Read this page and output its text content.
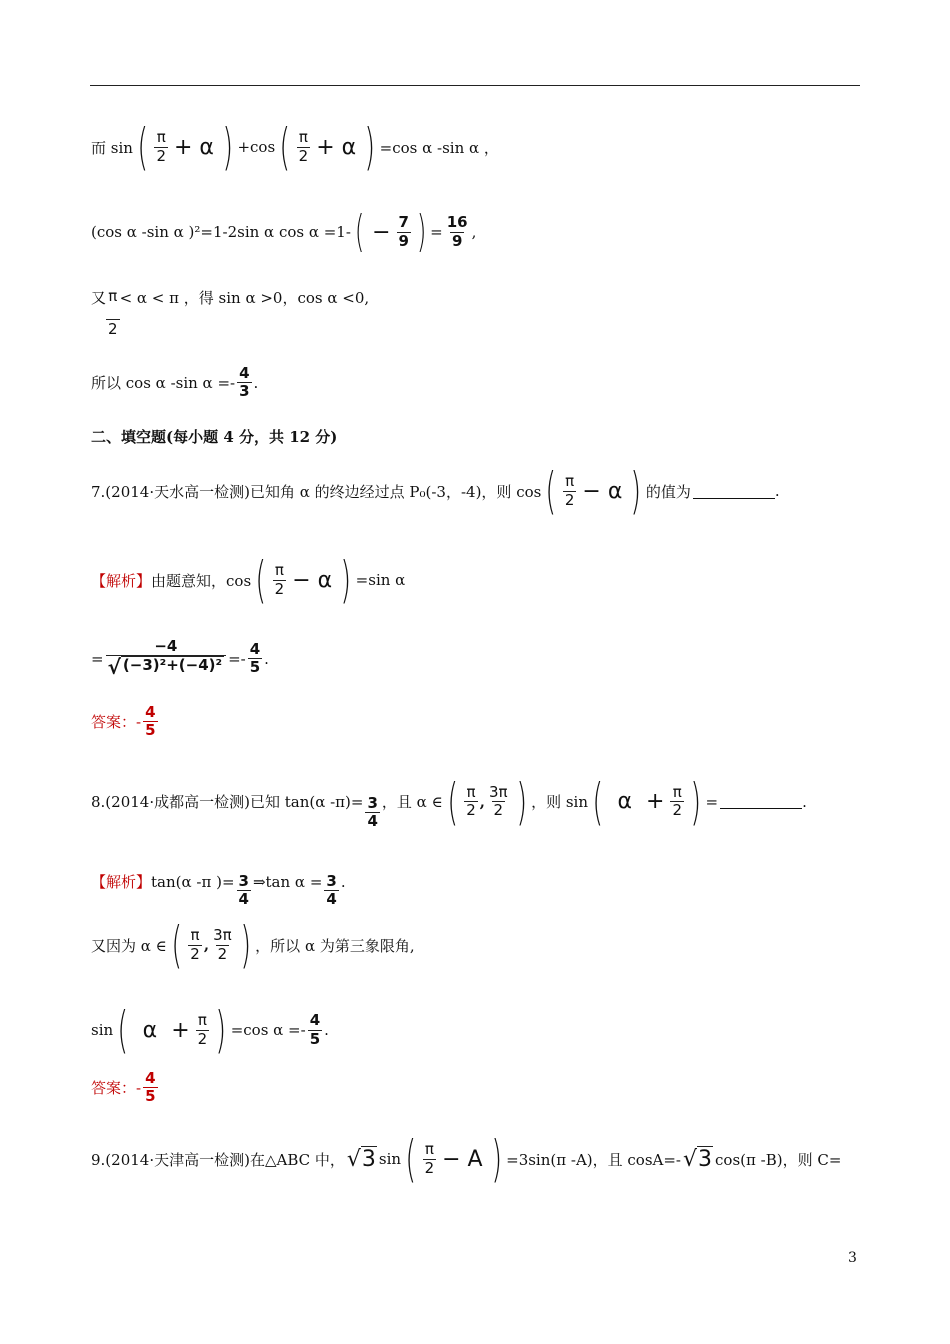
而 sin ( $\frac{\pi}{2} + \alpha$ ) +cos ( $\frac{\pi}{2} + \alpha$ ) =cos α -sin α ，
(cos α -sin α )²=1-2sin α cos α =1- ( − $\frac{7}{9}$ ) = $\frac{16}{9}$ ,
又 π
2
< α < π ，得 sin α >0，cos α <0,
所以 cos α -sin $\alpha =- \frac{4}{3}$ .
二、填空题(每小题 4 分，共 12 分)
7.(2014·天水高一检测)已知角 α 的终边经过点 P₀(-3，-4)，则 cos ( $\frac{\pi}{2} - \alpha$ ) 的值为	.
【解析】 由题意知，cos ( $\frac{\pi}{2} - \alpha$ ) =sin α
= $\frac{-4}{\text{√ (−3)²+(−4)²}} =- \frac{4}{5}$ .
答案： - $\frac{4}{5}$
8.(2014·成都高一检测)已知 tan(α $-\pi)= \frac{3}{4}$ ，且 α ∈ ( $\frac{\pi}{2}$ , $\frac{3\pi}{2}$ ) ，则 sin ( $\alpha + \frac{\pi}{2}$ ) =	.
【解析】 tan(α -π )= $\frac{3}{4}$ ⇒tan $\alpha = \frac{3}{4}$ .
又因为 α ∈ ( $\frac{\pi}{2}$ , $\frac{3\pi}{2}$ ) ，所以 α 为第三象限角,
sin ( $\alpha + \frac{\pi}{2}$ ) =cos $\alpha =- \frac{4}{5}$ .
答案： - $\frac{4}{5}$
9.(2014·天津高一检测)在△ABC 中， √ 3 sin ( $\frac{\pi}{2} - A$ ) =3sin(π -A)，且 cosA=- √ 3 cos(π -B)，则 C=
3
